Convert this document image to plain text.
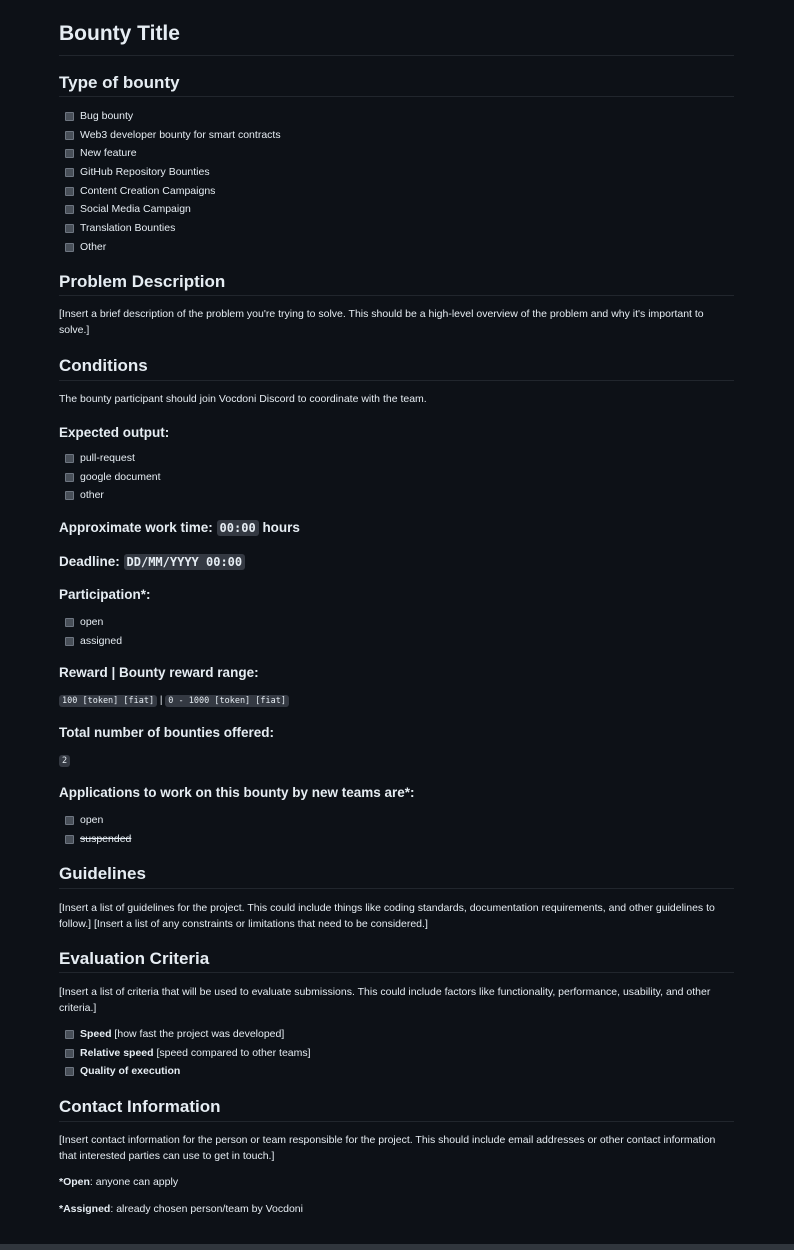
Bounty Title
Type of bounty
Bug bounty
Web3 developer bounty for smart contracts
New feature
GitHub Repository Bounties
Content Creation Campaigns
Social Media Campaign
Translation Bounties
Other
Problem Description

[Insert a brief description of the problem you're trying to solve. This should be a high-level overview of the problem and why it's important to solve.]

Conditions

The bounty participant should join Vocdoni Discord to coordinate with the team.

Expected output:
pull-request
google document
other
Approximate work time: 00:00 hours
Deadline: DD/MM/YYYY 00:00
Participation*:
open
assigned
Reward | Bounty reward range:

100 [token] [fiat] | 0 - 1000 [token] [fiat]

Total number of bounties offered:

2

Applications to work on this bounty by new teams are*:
open
suspended
Guidelines

[Insert a list of guidelines for the project. This could include things like coding standards, documentation requirements, and other guidelines to follow.] [Insert a list of any constraints or limitations that need to be considered.]

Evaluation Criteria

[Insert a list of criteria that will be used to evaluate submissions. This could include factors like functionality, performance, usability, and other criteria.]

Speed [how fast the project was developed]
Relative speed [speed compared to other teams]
Quality of execution
Contact Information

[Insert contact information for the person or team responsible for the project. This should include email addresses or other contact information that interested parties can use to get in touch.]

*Open: anyone can apply

*Assigned: already chosen person/team by Vocdoni
